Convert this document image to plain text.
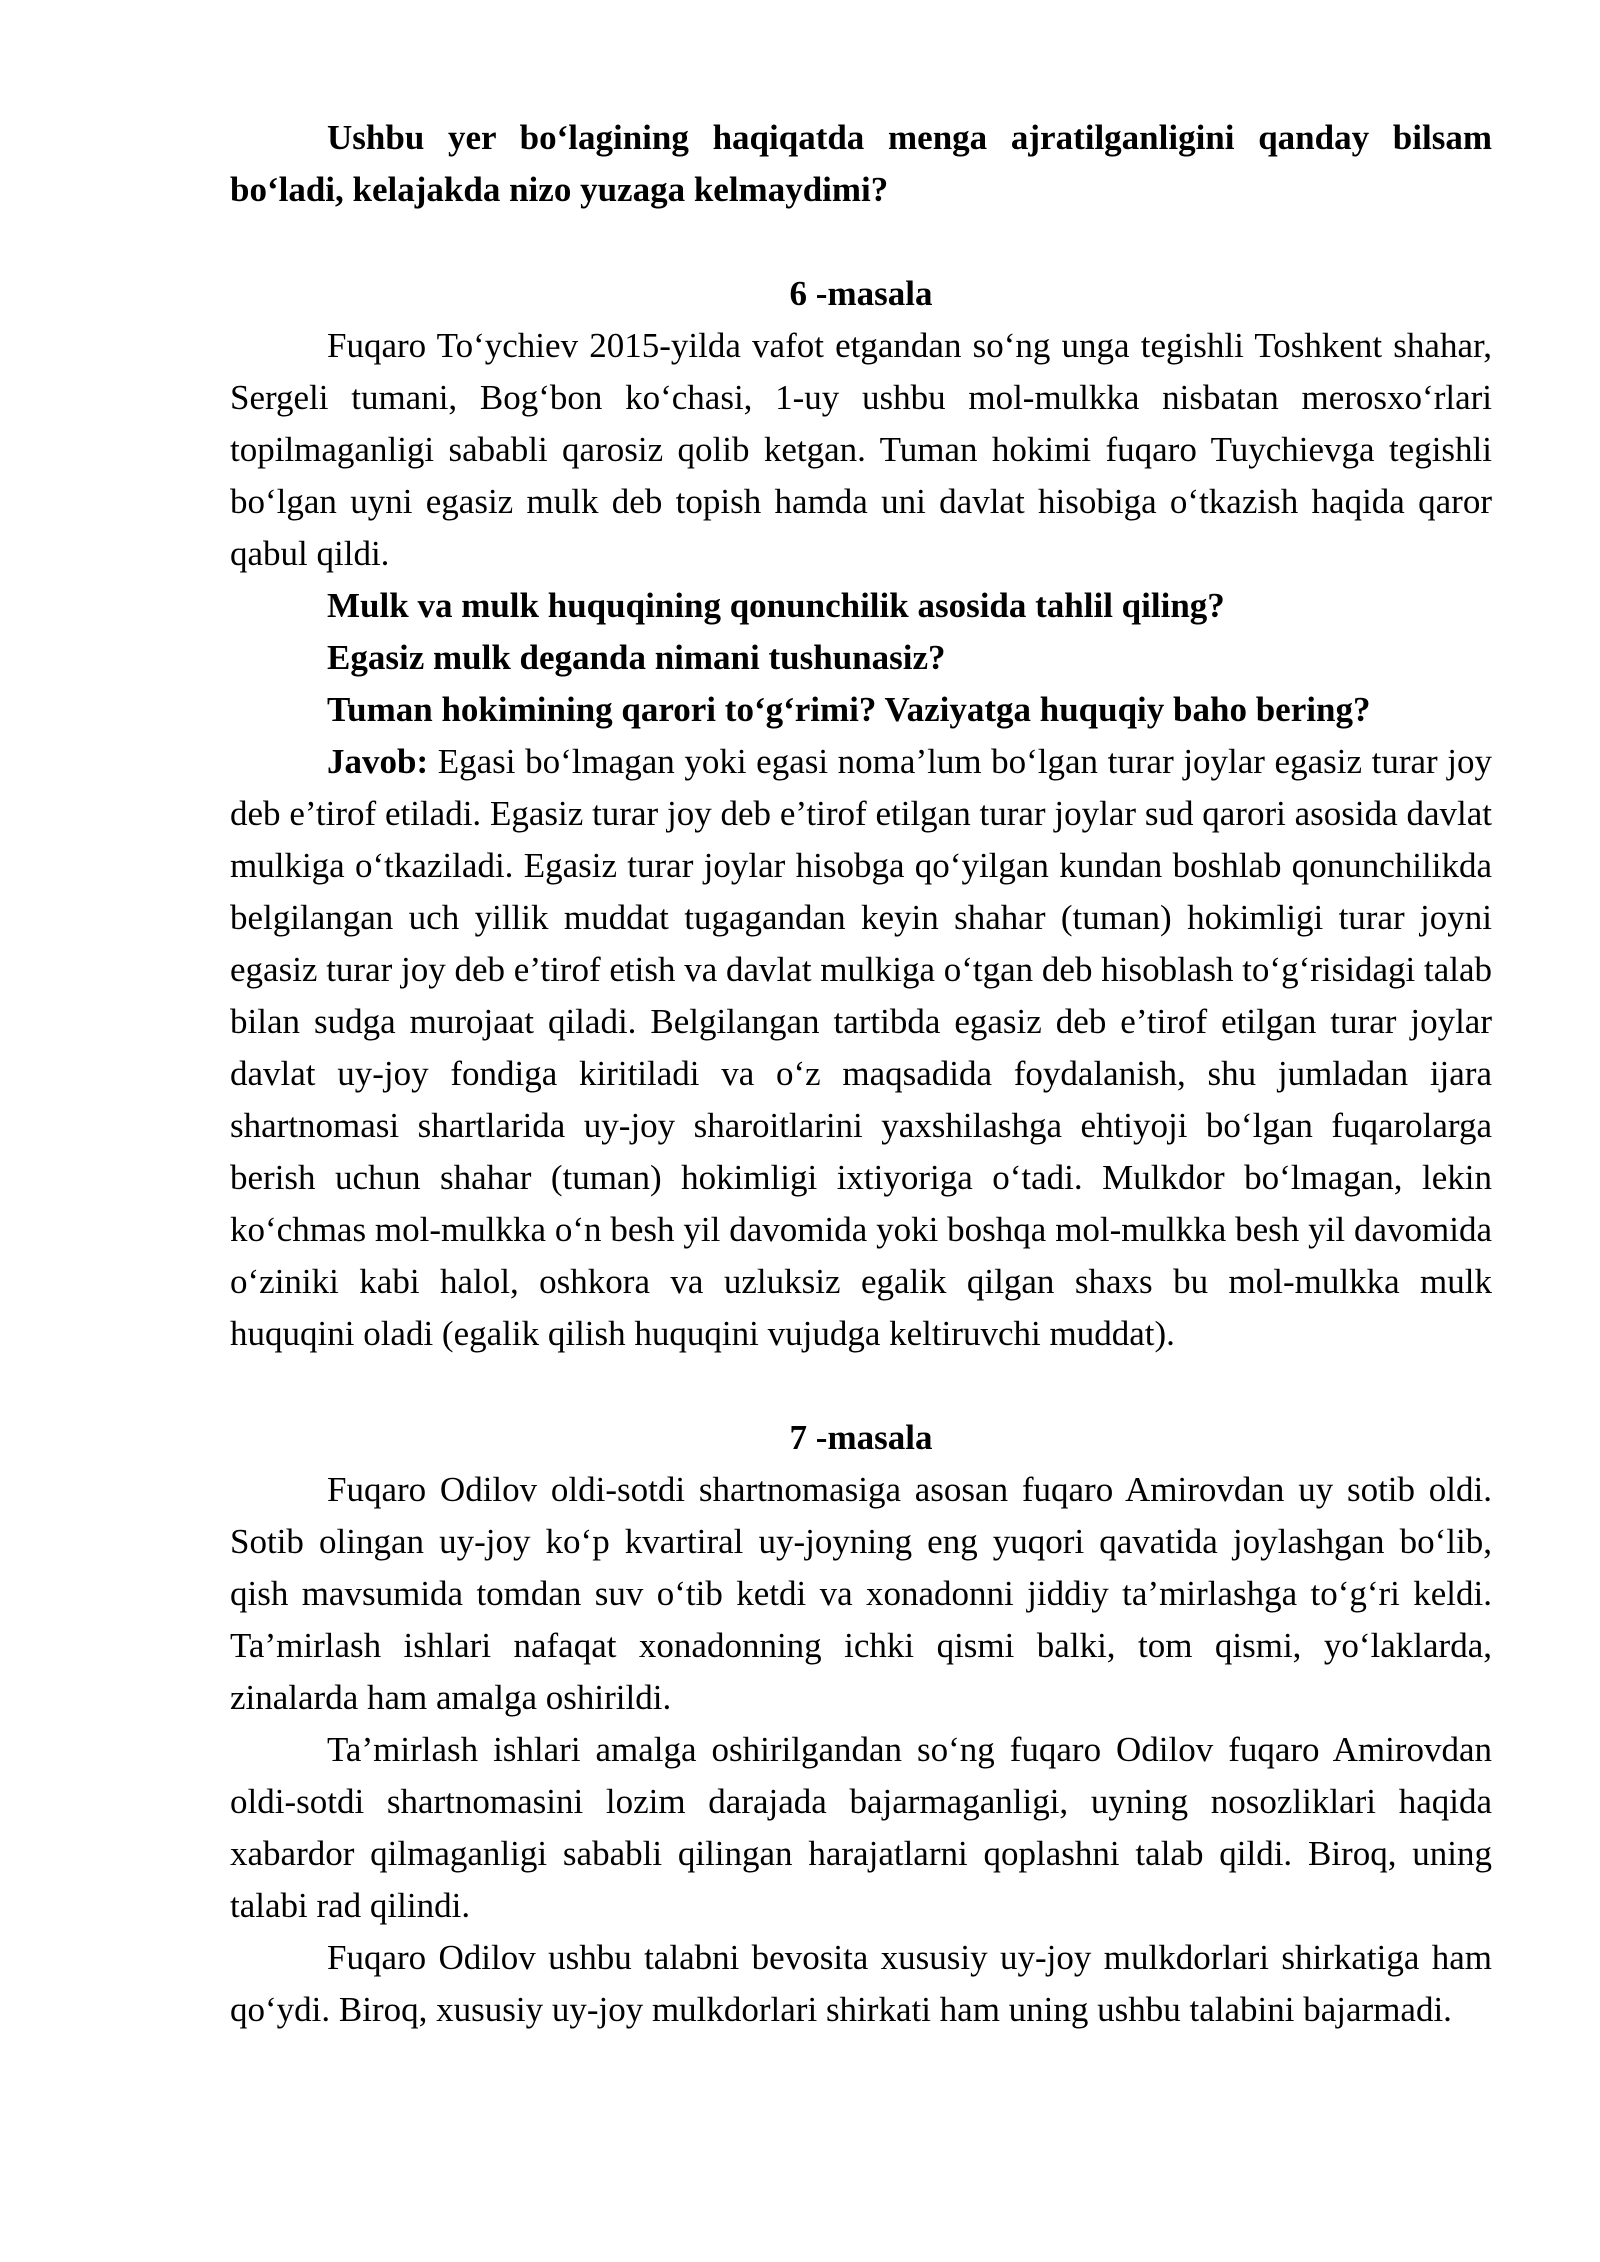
Ushbu yer bo‘lagining haqiqatda menga ajratilganligini qanday bilsam bo‘ladi, kelajakda nizo yuzaga kelmaydimi?

6 -masala

Fuqaro To‘ychiev 2015-yilda vafot etgandan so‘ng unga tegishli Toshkent shahar, Sergeli tumani, Bog‘bon ko‘chasi, 1-uy ushbu mol-mulkka nisbatan merosxo‘rlari topilmaganligi sababli qarosiz qolib ketgan. Tuman hokimi fuqaro Tuychievga tegishli bo‘lgan uyni egasiz mulk deb topish hamda uni davlat hisobiga o‘tkazish haqida qaror qabul qildi.

Mulk va mulk huquqining qonunchilik asosida tahlil qiling?

Egasiz mulk deganda nimani tushunasiz?

Tuman hokimining qarori to‘g‘rimi? Vaziyatga huquqiy baho bering?

Javob: Egasi bo‘lmagan yoki egasi noma’lum bo‘lgan turar joylar egasiz turar joy deb e’tirof etiladi. Egasiz turar joy deb e’tirof etilgan turar joylar sud qarori asosida davlat mulkiga o‘tkaziladi. Egasiz turar joylar hisobga qo‘yilgan kundan boshlab qonunchilikda belgilangan uch yillik muddat tugagandan keyin shahar (tuman) hokimligi turar joyni egasiz turar joy deb e’tirof etish va davlat mulkiga o‘tgan deb hisoblash to‘g‘risidagi talab bilan sudga murojaat qiladi. Belgilangan tartibda egasiz deb e’tirof etilgan turar joylar davlat uy-joy fondiga kiritiladi va o‘z maqsadida foydalanish, shu jumladan ijara shartnomasi shartlarida uy-joy sharoitlarini yaxshilashga ehtiyoji bo‘lgan fuqarolarga berish uchun shahar (tuman) hokimligi ixtiyoriga o‘tadi. Mulkdor bo‘lmagan, lekin ko‘chmas mol-mulkka o‘n besh yil davomida yoki boshqa mol-mulkka besh yil davomida o‘ziniki kabi halol, oshkora va uzluksiz egalik qilgan shaxs bu mol-mulkka mulk huquqini oladi (egalik qilish huquqini vujudga keltiruvchi muddat).

7 -masala

Fuqaro Odilov oldi-sotdi shartnomasiga asosan fuqaro Amirovdan uy sotib oldi. Sotib olingan uy-joy ko‘p kvartiral uy-joyning eng yuqori qavatida joylashgan bo‘lib, qish mavsumida tomdan suv o‘tib ketdi va xonadonni jiddiy ta’mirlashga to‘g‘ri keldi. Ta’mirlash ishlari nafaqat xonadonning ichki qismi balki, tom qismi, yo‘laklarda, zinalarda ham amalga oshirildi.

Ta’mirlash ishlari amalga oshirilgandan so‘ng fuqaro Odilov fuqaro Amirovdan oldi-sotdi shartnomasini lozim darajada bajarmaganligi, uyning nosozliklari haqida xabardor qilmaganligi sababli qilingan harajatlarni qoplashni talab qildi. Biroq, uning talabi rad qilindi.

Fuqaro Odilov ushbu talabni bevosita xususiy uy-joy mulkdorlari shirkatiga ham qo‘ydi. Biroq, xususiy uy-joy mulkdorlari shirkati ham uning ushbu talabini bajarmadi.
